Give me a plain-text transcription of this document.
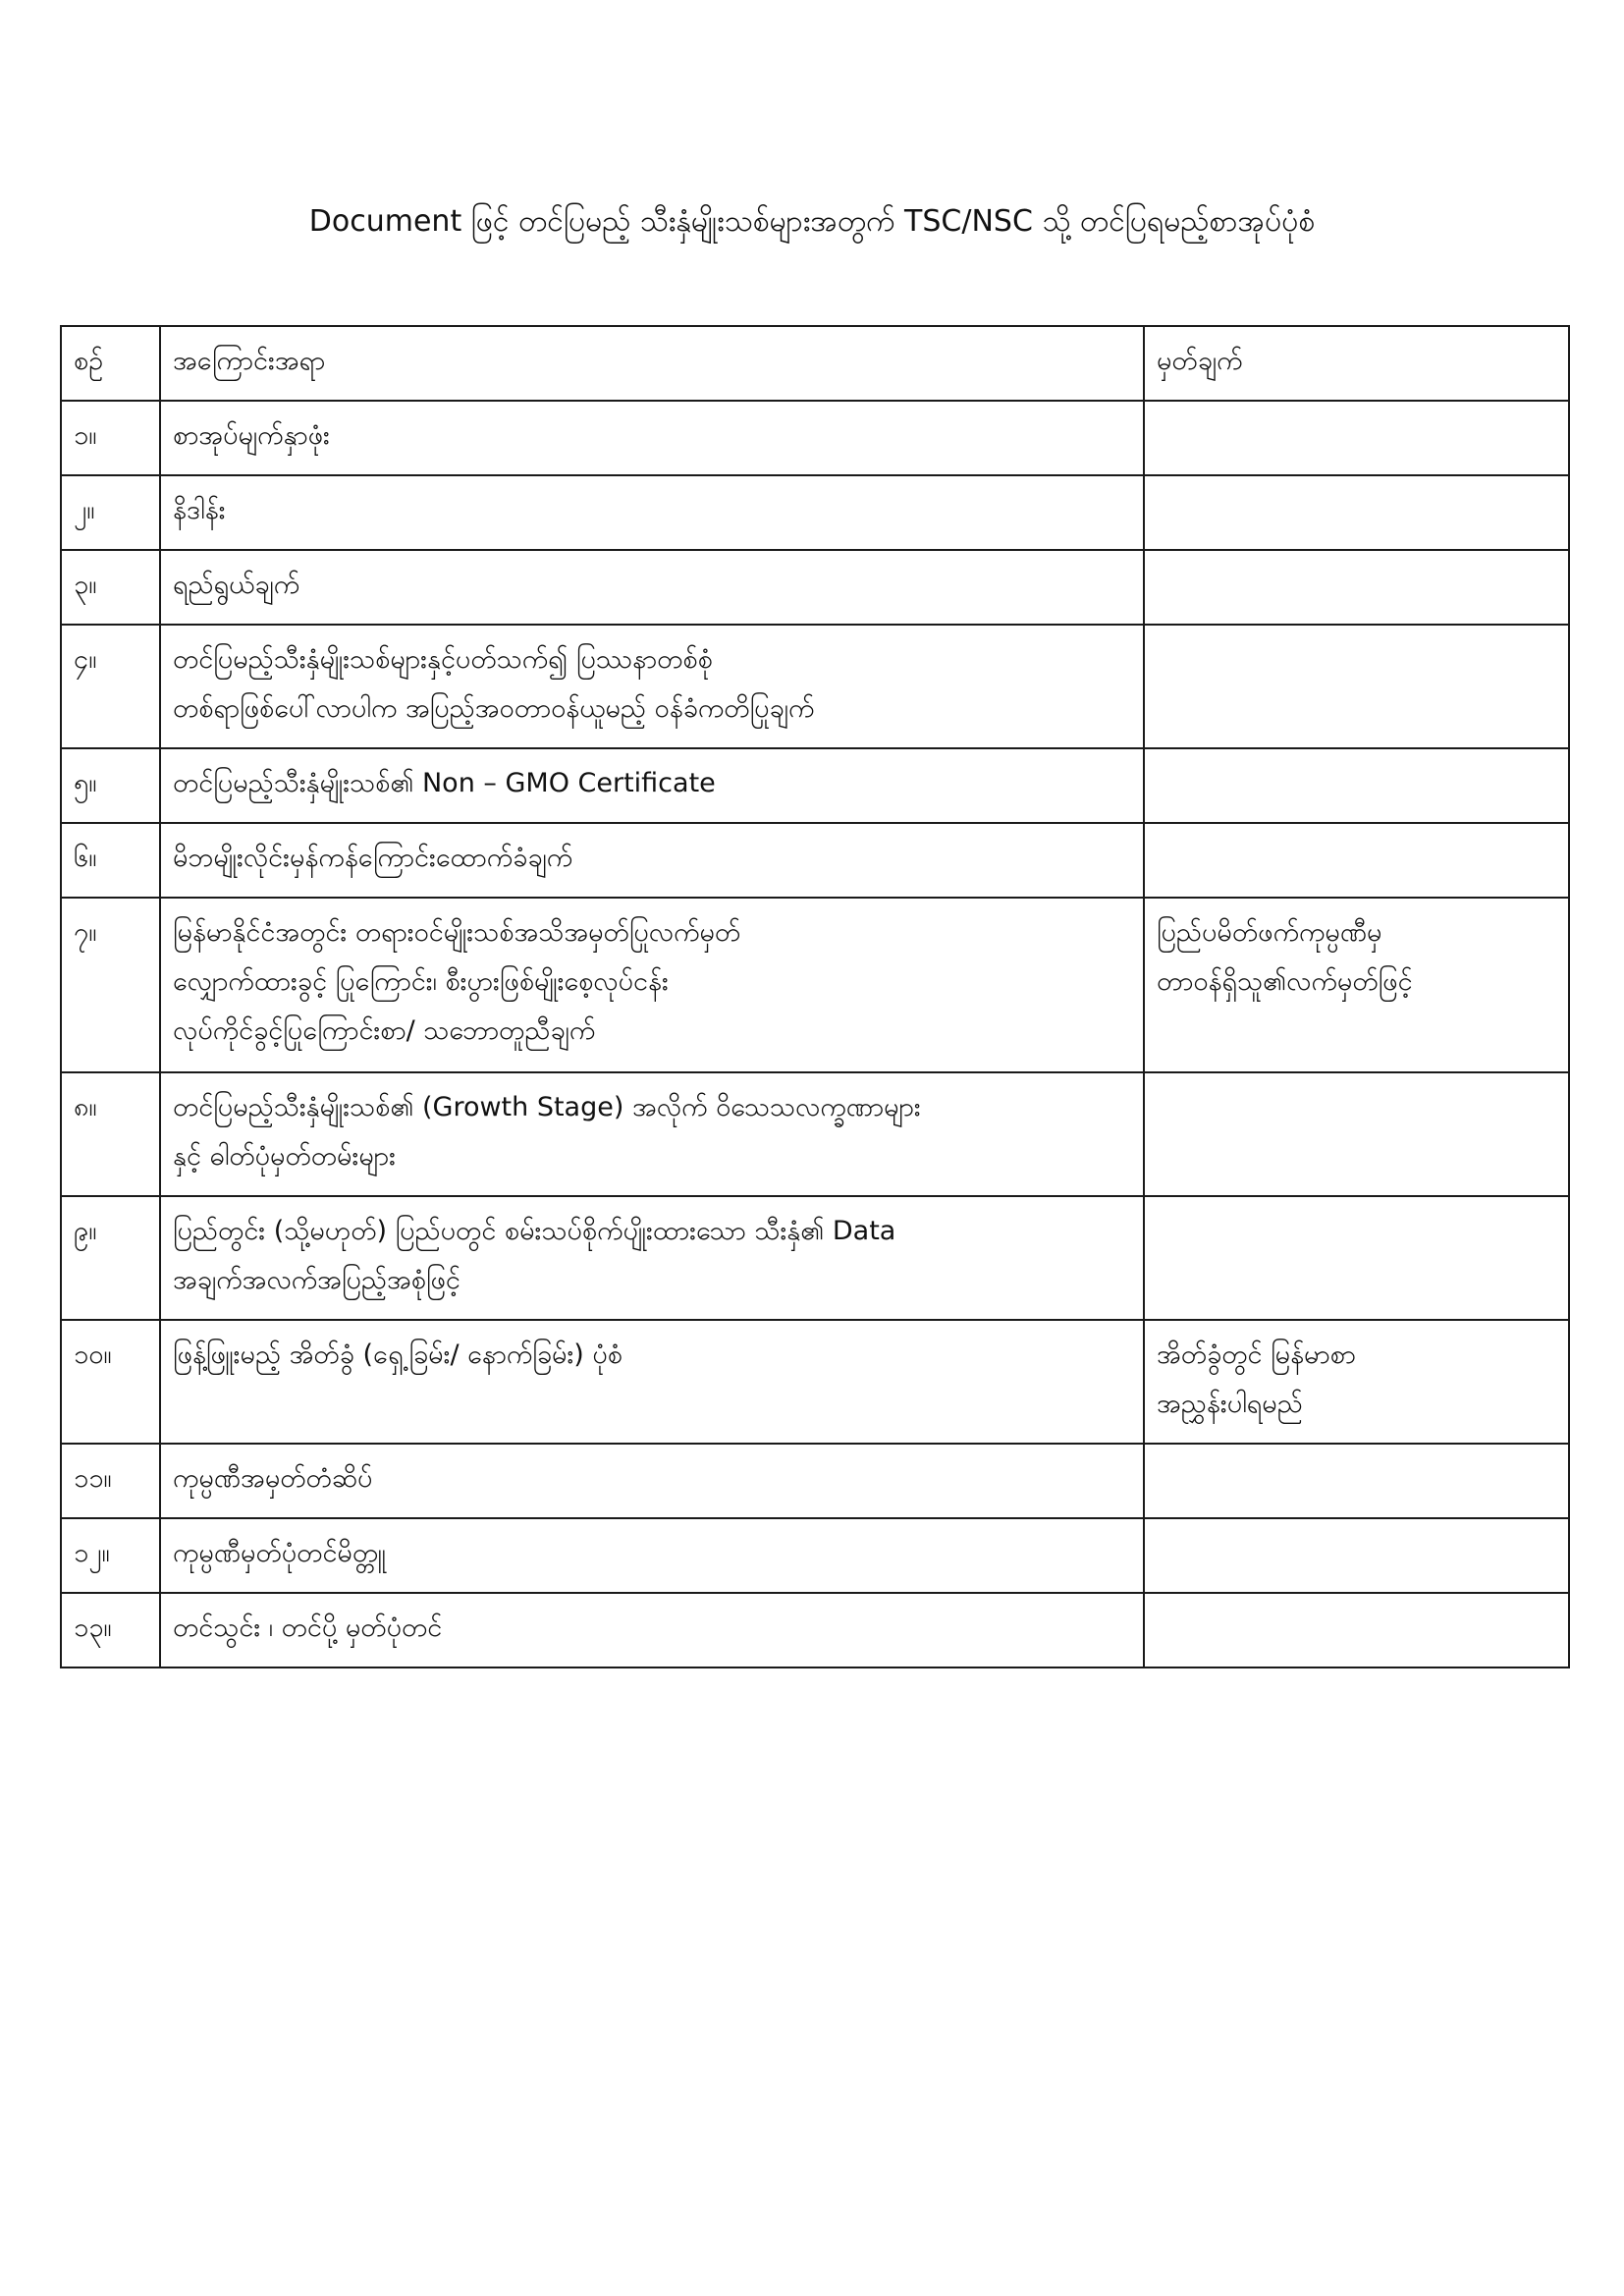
Document ဖြင့် တင်ပြမည့် သီးနှံမျိုးသစ်များအတွက် TSC/NSC သို့ တင်ပြရမည့်စာအုပ်ပုံစံ
စဉ်	အကြောင်းအရာ	မှတ်ချက်
၁။	စာအုပ်မျက်နှာဖုံး	

၂။	နိဒါန်း	

၃။	ရည်ရွယ်ချက်	

၄။	တင်ပြမည့်သီးနှံမျိုးသစ်များနှင့်ပတ်သက်၍ ပြဿနာတစ်စုံ
တစ်ရာဖြစ်ပေါ်လာပါက အပြည့်အဝတာဝန်ယူမည့် ဝန်ခံကတိပြုချက်	

၅။	တင်ပြမည့်သီးနှံမျိုးသစ်၏ Non – GMO Certificate	

၆။	မိဘမျိုးလိုင်းမှန်ကန်ကြောင်းထောက်ခံချက်	

၇။	မြန်မာနိုင်ငံအတွင်း တရားဝင်မျိုးသစ်အသိအမှတ်ပြုလက်မှတ်
လျှောက်ထားခွင့် ပြုကြောင်း၊ စီးပွားဖြစ်မျိုးစေ့လုပ်ငန်း
လုပ်ကိုင်ခွင့်ပြုကြောင်းစာ/ သဘောတူညီချက်	ပြည်ပမိတ်ဖက်ကုမ္ပဏီမှ
တာဝန်ရှိသူ၏လက်မှတ်ဖြင့်

၈။	တင်ပြမည့်သီးနှံမျိုးသစ်၏ (Growth Stage) အလိုက် ဝိသေသလက္ခဏာများ
နှင့် ဓါတ်ပုံမှတ်တမ်းများ	

၉။	ပြည်တွင်း (သို့မဟုတ်) ပြည်ပတွင် စမ်းသပ်စိုက်ပျိုးထားသော သီးနှံ၏ Data
အချက်အလက်အပြည့်အစုံဖြင့်	

၁၀။	ဖြန့်ဖြူးမည့် အိတ်ခွံ (ရှေ့ခြမ်း/ နောက်ခြမ်း) ပုံစံ	အိတ်ခွံတွင် မြန်မာစာ
အညွှန်းပါရမည်

၁၁။	ကုမ္ပဏီအမှတ်တံဆိပ်	

၁၂။	ကုမ္ပဏီမှတ်ပုံတင်မိတ္တူ	

၁၃။	တင်သွင်း ၊ တင်ပို့ မှတ်ပုံတင်	
